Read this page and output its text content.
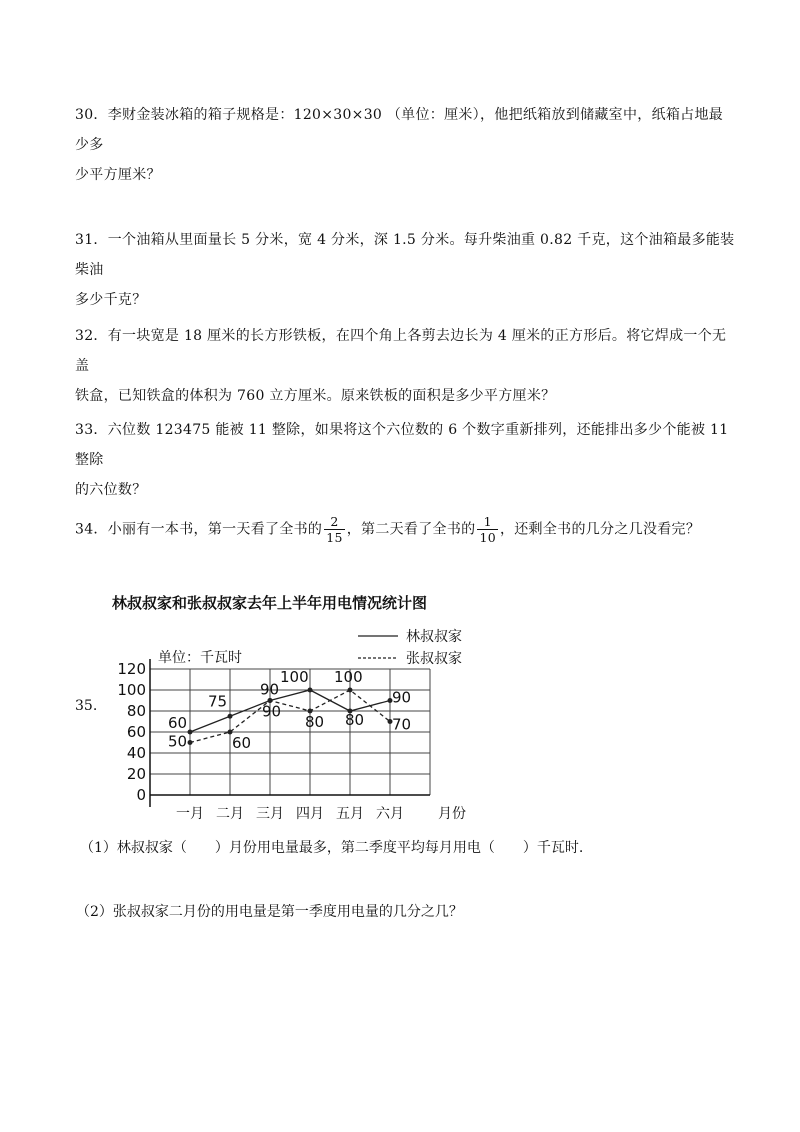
30．李财金装冰箱的箱子规格是：120×30×30 （单位：厘米），他把纸箱放到储藏室中，纸箱占地最少多
少平方厘米？
31．一个油箱从里面量长 5 分米，宽 4 分米，深 1.5 分米。每升柴油重 0.82 千克，这个油箱最多能装柴油
多少千克？
32．有一块宽是 18 厘米的长方形铁板，在四个角上各剪去边长为 4 厘米的正方形后。将它焊成一个无盖
铁盒，已知铁盒的体积为 760 立方厘米。原来铁板的面积是多少平方厘米？
33．六位数 123475 能被 11 整除，如果将这个六位数的 6 个数字重新排列，还能排出多少个能被 11 整除
的六位数？
34．小丽有一本书，第一天看了全书的 $\frac{2}{15}$ ，第二天看了全书的 $\frac{1}{10}$ ，还剩全书的几分之几没看完？
35.
0
20
40
60
80
100
120
单位：千瓦时
一月 二月 三月 四月 五月 六月 月份
林叔叔家
张叔叔家
60
75
90
100
80
90
50	60
90
80
100
70
林叔叔家和张叔叔家去年上半年用电情况统计图
（1）林叔叔家（　　）月份用电量最多，第二季度平均每月用电（　　）千瓦时.
（2）张叔叔家二月份的用电量是第一季度用电量的几分之几？
